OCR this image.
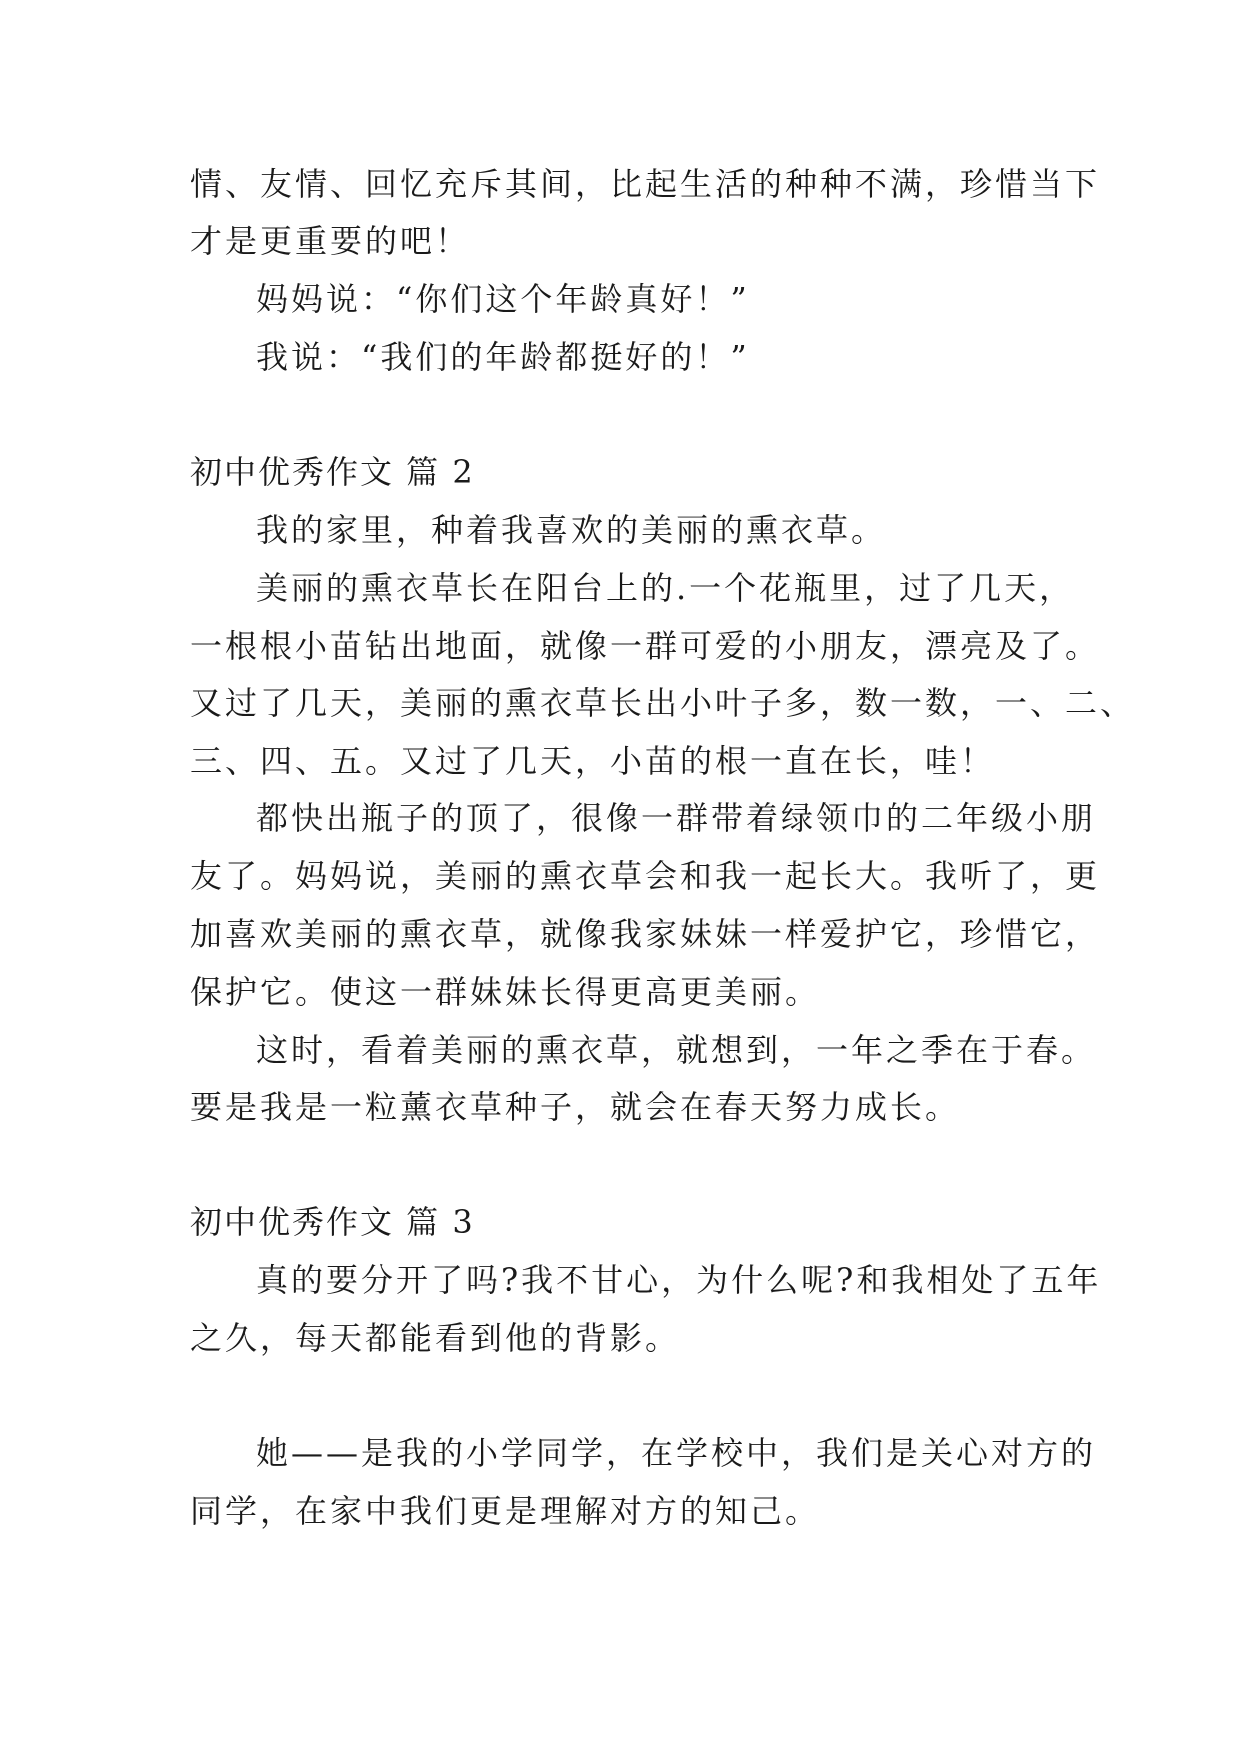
情、友情、回忆充斥其间，比起生活的种种不满，珍惜当下
才是更重要的吧！
妈妈说：“你们这个年龄真好！”
我说：“我们的年龄都挺好的！”
初中优秀作文 篇 2
我的家里，种着我喜欢的美丽的熏衣草。
美丽的熏衣草长在阳台上的.一个花瓶里，过了几天，
一根根小苗钻出地面，就像一群可爱的小朋友，漂亮及了。
又过了几天，美丽的熏衣草长出小叶子多，数一数，一、二、
三、四、五。又过了几天，小苗的根一直在长，哇！
都快出瓶子的顶了，很像一群带着绿领巾的二年级小朋
友了。妈妈说，美丽的熏衣草会和我一起长大。我听了，更
加喜欢美丽的熏衣草，就像我家妹妹一样爱护它，珍惜它，
保护它。使这一群妹妹长得更高更美丽。
这时，看着美丽的熏衣草，就想到，一年之季在于春。
要是我是一粒薰衣草种子，就会在春天努力成长。
初中优秀作文 篇 3
真的要分开了吗?我不甘心，为什么呢?和我相处了五年
之久，每天都能看到他的背影。
她——是我的小学同学，在学校中，我们是关心对方的
同学，在家中我们更是理解对方的知己。
